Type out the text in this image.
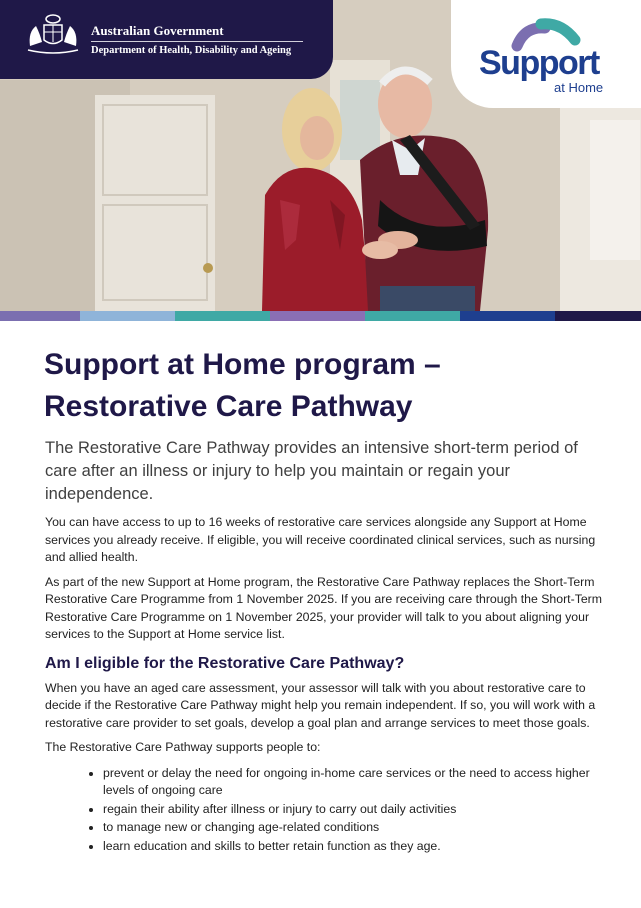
Australian Government
Department of Health, Disability and Ageing	Support
at Home
Support at Home program – Restorative Care Pathway

The Restorative Care Pathway provides an intensive short-term period of care after an illness or injury to help you maintain or regain your independence.

You can have access to up to 16 weeks of restorative care services alongside any Support at Home services you already receive. If eligible, you will receive coordinated clinical services, such as nursing and allied health.

As part of the new Support at Home program, the Restorative Care Pathway replaces the Short-Term Restorative Care Programme from 1 November 2025. If you are receiving care through the Short-Term Restorative Care Programme on 1 November 2025, your provider will talk to you about aligning your services to the Support at Home service list.

Am I eligible for the Restorative Care Pathway?

When you have an aged care assessment, your assessor will talk with you about restorative care to decide if the Restorative Care Pathway might help you remain independent. If so, you will work with a restorative care provider to set goals, develop a goal plan and arrange services to meet those goals.

The Restorative Care Pathway supports people to:

• prevent or delay the need for ongoing in-home care services or the need to access higher levels of ongoing care
• regain their ability after illness or injury to carry out daily activities
• to manage new or changing age-related conditions
• learn education and skills to better retain function as they age.
